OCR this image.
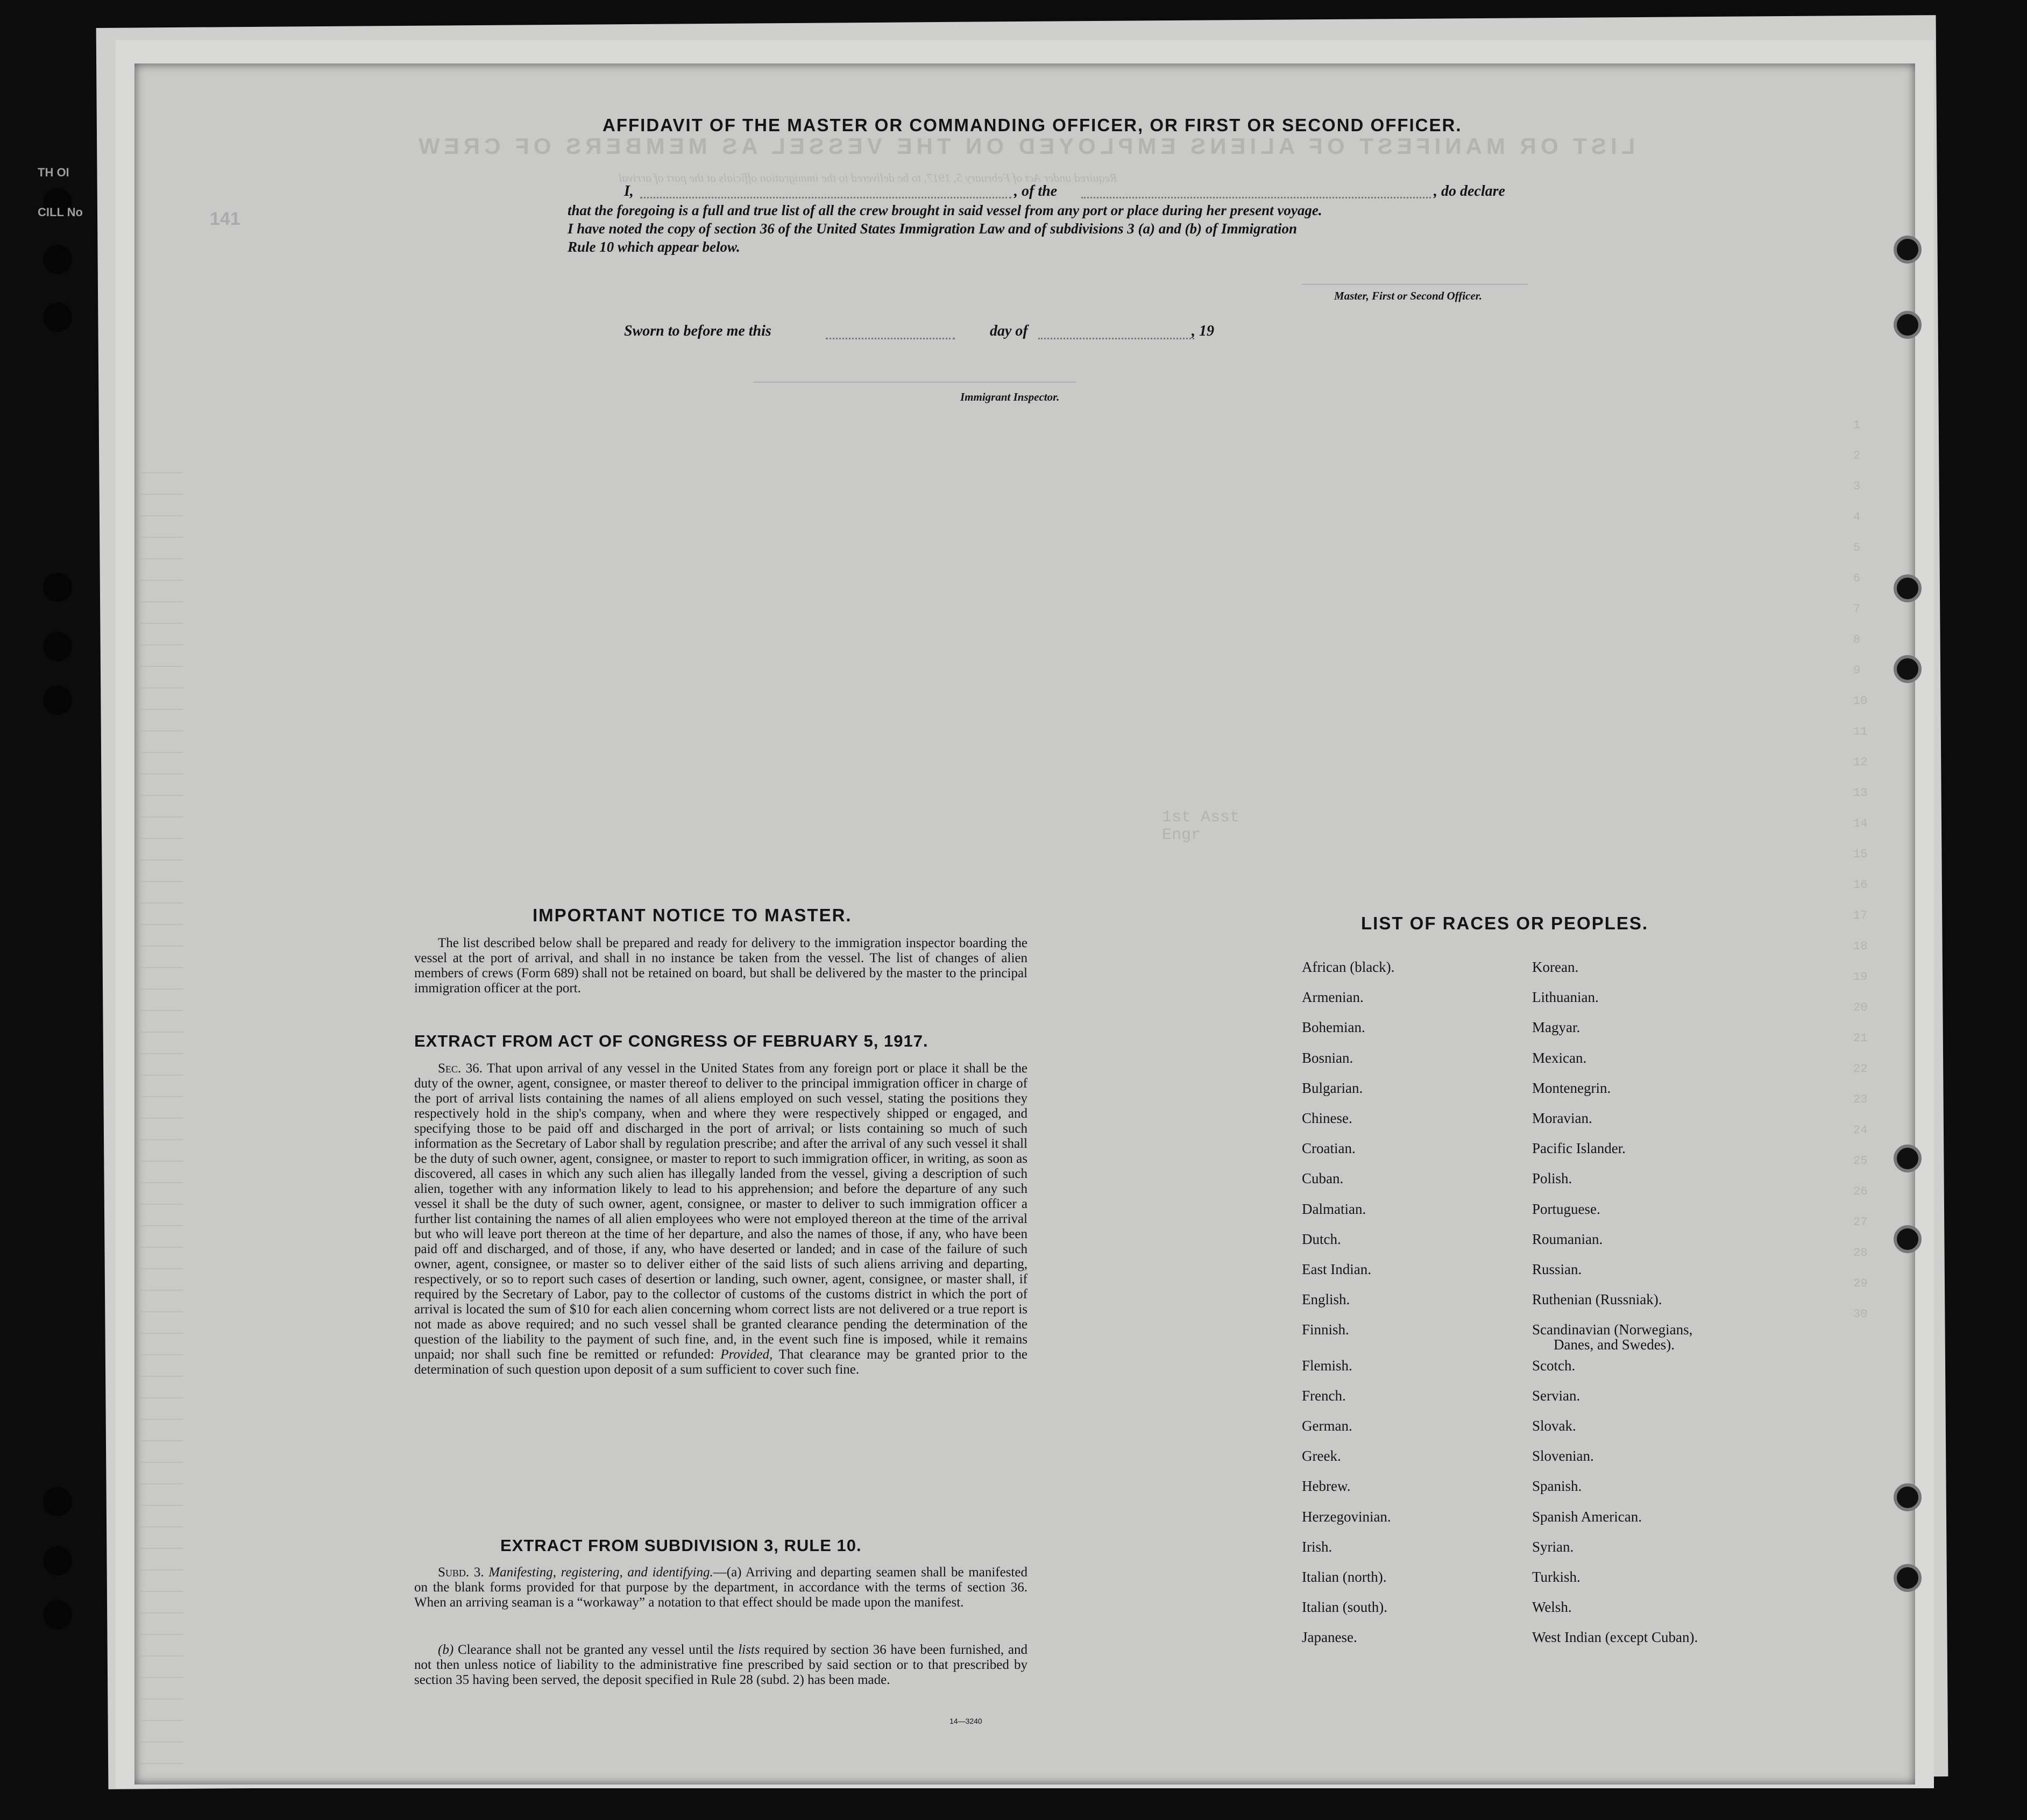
LIST OR MANIFEST OF ALIENS EMPLOYED ON THE VESSEL AS MEMBERS OF CREW
Required under Act of February 5, 1917, to be delivered to the immigration officials at the port of arrival
1st Asst
Engr
1
2
3
4
5
6
7
8
9
10
11
12
13
14
15
16
17
18
19
20
21
22
23
24
25
26
27
28
29
30
AFFIDAVIT OF THE MASTER OR COMMANDING OFFICER, OR FIRST OR SECOND OFFICER.
I,	, of the	, do declare
that the foregoing is a full and true list of all the crew brought in said vessel from any port or place during her present voyage.
I have noted the copy of section 36 of the United States Immigration Law and of subdivisions 3 (a) and (b) of Immigration
Rule 10 which appear below.
Master, First or Second Officer.
Sworn to before me this	day of	, 19
Immigrant Inspector.
IMPORTANT NOTICE TO MASTER.
The list described below shall be prepared and ready for delivery to the immigration inspector boarding the vessel at the port of arrival, and shall in no instance be taken from the vessel. The list of changes of alien members of crews (Form 689) shall not be retained on board, but shall be delivered by the master to the principal immigration officer at the port.
EXTRACT FROM ACT OF CONGRESS OF FEBRUARY 5, 1917.
Sec. 36. That upon arrival of any vessel in the United States from any foreign port or place it shall be the duty of the owner, agent, consignee, or master thereof to deliver to the principal immigration officer in charge of the port of arrival lists containing the names of all aliens employed on such vessel, stating the positions they respectively hold in the ship's company, when and where they were respectively shipped or engaged, and specifying those to be paid off and discharged in the port of arrival; or lists containing so much of such information as the Secretary of Labor shall by regulation prescribe; and after the arrival of any such vessel it shall be the duty of such owner, agent, consignee, or master to report to such immigration officer, in writing, as soon as discovered, all cases in which any such alien has illegally landed from the vessel, giving a description of such alien, together with any information likely to lead to his apprehension; and before the departure of any such vessel it shall be the duty of such owner, agent, consignee, or master to deliver to such immigration officer a further list containing the names of all alien employees who were not employed thereon at the time of the arrival but who will leave port thereon at the time of her departure, and also the names of those, if any, who have been paid off and discharged, and of those, if any, who have deserted or landed; and in case of the failure of such owner, agent, consignee, or master so to deliver either of the said lists of such aliens arriving and departing, respectively, or so to report such cases of desertion or landing, such owner, agent, consignee, or master shall, if required by the Secretary of Labor, pay to the collector of customs of the customs district in which the port of arrival is located the sum of $10 for each alien concerning whom correct lists are not delivered or a true report is not made as above required; and no such vessel shall be granted clearance pending the determination of the question of the liability to the payment of such fine, and, in the event such fine is imposed, while it remains unpaid; nor shall such fine be remitted or refunded: Provided, That clearance may be granted prior to the determination of such question upon deposit of a sum sufficient to cover such fine.
EXTRACT FROM SUBDIVISION 3, RULE 10.
Subd. 3. Manifesting, registering, and identifying.—(a) Arriving and departing seamen shall be manifested on the blank forms provided for that purpose by the department, in accordance with the terms of section 36. When an arriving seaman is a “workaway” a notation to that effect should be made upon the manifest.
(b) Clearance shall not be granted any vessel until the lists required by section 36 have been furnished, and not then unless notice of liability to the administrative fine prescribed by said section or to that prescribed by section 35 having been served, the deposit specified in Rule 28 (subd. 2) has been made.
14—3240
LIST OF RACES OR PEOPLES.
African (black).
Armenian.
Bohemian.
Bosnian.
Bulgarian.
Chinese.
Croatian.
Cuban.
Dalmatian.
Dutch.
East Indian.
English.
Finnish.
Flemish.
French.
German.
Greek.
Hebrew.
Herzegovinian.
Irish.
Italian (north).
Italian (south).
Japanese.
Korean.
Lithuanian.
Magyar.
Mexican.
Montenegrin.
Moravian.
Pacific Islander.
Polish.
Portuguese.
Roumanian.
Russian.
Ruthenian (Russniak).
Scandinavian (Norwegians,
Scotch.
Servian.
Slovak.
Slovenian.
Spanish.
Spanish American.
Syrian.
Turkish.
Welsh.
West Indian (except Cuban).
Danes, and Swedes).
TH OI
CILL No	141
